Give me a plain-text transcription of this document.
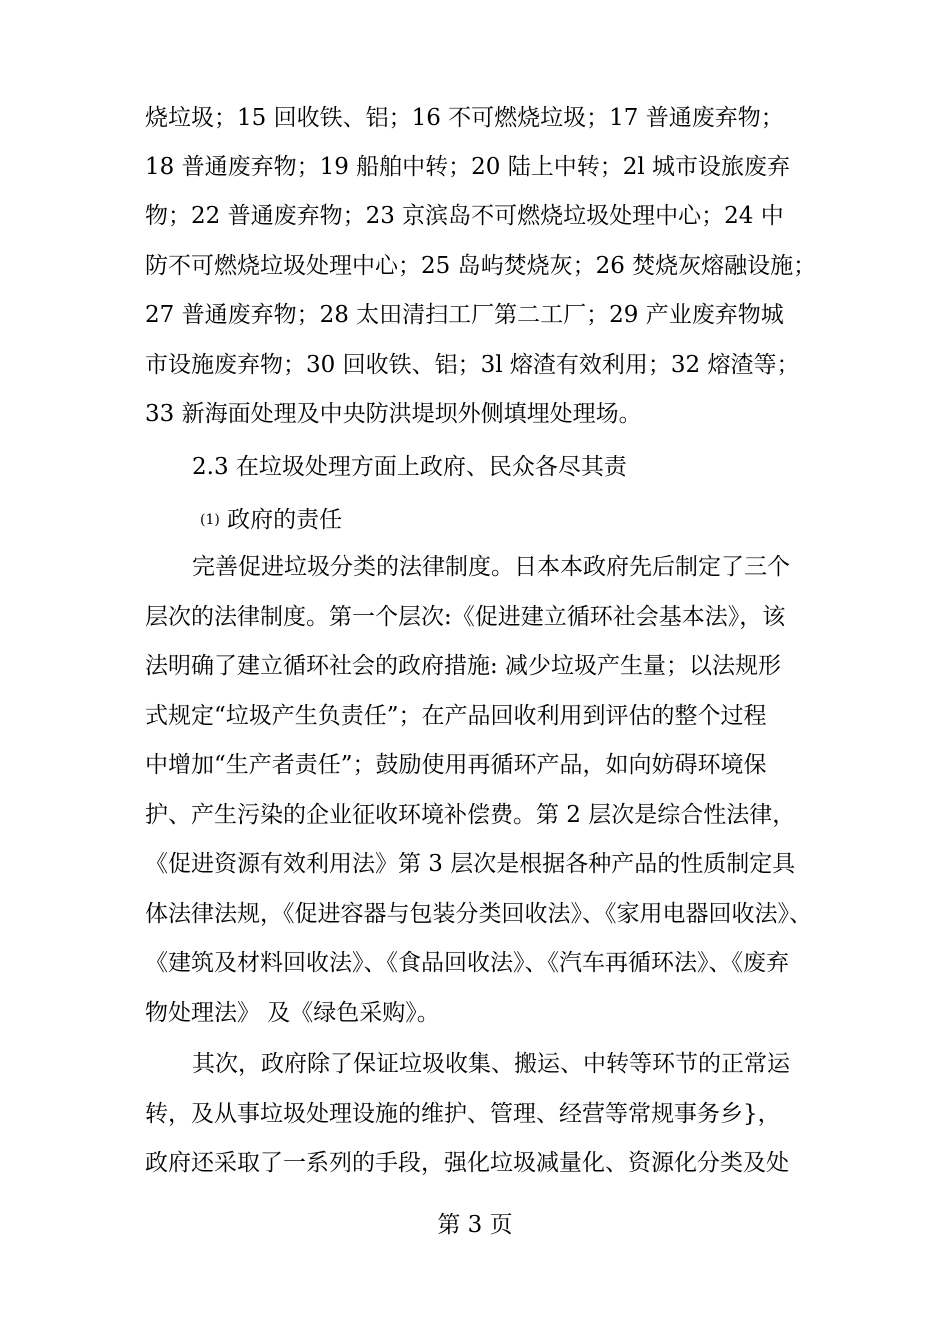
烧垃圾；15 回收铁、铝；16 不可燃烧垃圾；17 普通废弃物；
18 普通废弃物；19 船舶中转；20 陆上中转；2l 城市设旅废弃
物；22 普通废弃物；23 京滨岛不可燃烧垃圾处理中心；24 中
防不可燃烧垃圾处理中心；25 岛屿焚烧灰；26 焚烧灰熔融设施；
27 普通废弃物；28 太田清扫工厂第二工厂；29 产业废弃物城
市设施废弃物；30 回收铁、铝；3l 熔渣有效利用；32 熔渣等；
33 新海面处理及中央防洪堤坝外侧填埋处理场。
2.3 在垃圾处理方面上政府、民众各尽其责
(1) 政府的责任
完善促进垃圾分类的法律制度。日本本政府先后制定了三个
层次的法律制度。第一个层次:《促进建立循环社会基本法》，该
法明确了建立循环社会的政府措施: 减少垃圾产生量；以法规形
式规定“垃圾产生负责任”；在产品回收利用到评估的整个过程
中增加“生产者责任”；鼓励使用再循环产品，如向妨碍环境保
护、产生污染的企业征收环境补偿费。第 2 层次是综合性法律，
《促进资源有效利用法》第 3 层次是根据各种产品的性质制定具
体法律法规，《促进容器与包装分类回收法》、《家用电器回收法》、
《建筑及材料回收法》、《食品回收法》、《汽车再循环法》、《废弃
物处理法》 及《绿色采购》。
其次，政府除了保证垃圾收集、搬运、中转等环节的正常运
转，及从事垃圾处理设施的维护、管理、经营等常规事务乡}，
政府还采取了一系列的手段，强化垃圾减量化、资源化分类及处
第 3 页
